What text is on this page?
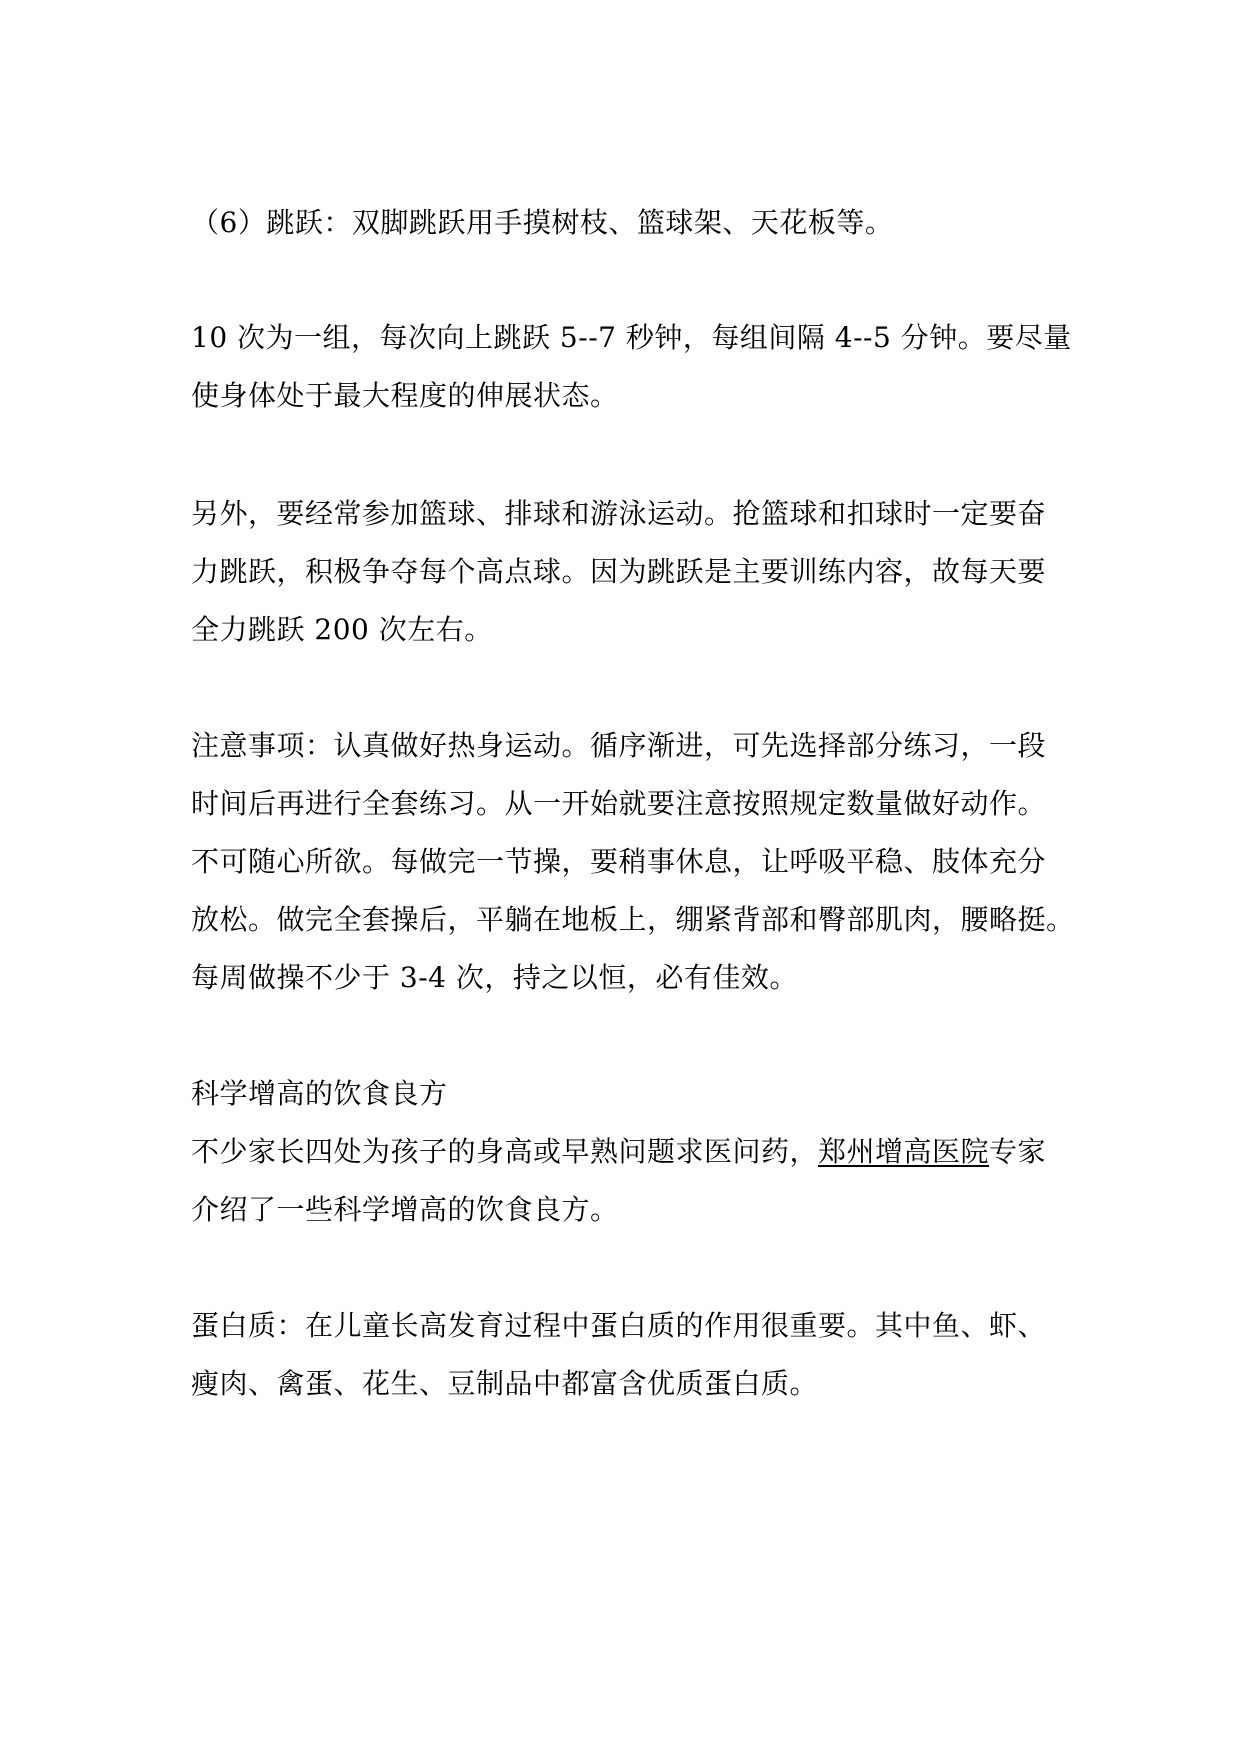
（6）跳跃：双脚跳跃用手摸树枝、篮球架、天花板等。
10 次为一组，每次向上跳跃 5--7 秒钟，每组间隔 4--5 分钟。要尽量
使身体处于最大程度的伸展状态。
另外，要经常参加篮球、排球和游泳运动。抢篮球和扣球时一定要奋
力跳跃，积极争夺每个高点球。因为跳跃是主要训练内容，故每天要
全力跳跃 200 次左右。
注意事项：认真做好热身运动。循序渐进，可先选择部分练习，一段
时间后再进行全套练习。从一开始就要注意按照规定数量做好动作。
不可随心所欲。每做完一节操，要稍事休息，让呼吸平稳、肢体充分
放松。做完全套操后，平躺在地板上，绷紧背部和臀部肌肉，腰略挺。
每周做操不少于 3-4 次，持之以恒，必有佳效。
科学增高的饮食良方
不少家长四处为孩子的身高或早熟问题求医问药，郑州增高医院专家
介绍了一些科学增高的饮食良方。
蛋白质：在儿童长高发育过程中蛋白质的作用很重要。其中鱼、虾、
瘦肉、禽蛋、花生、豆制品中都富含优质蛋白质。
